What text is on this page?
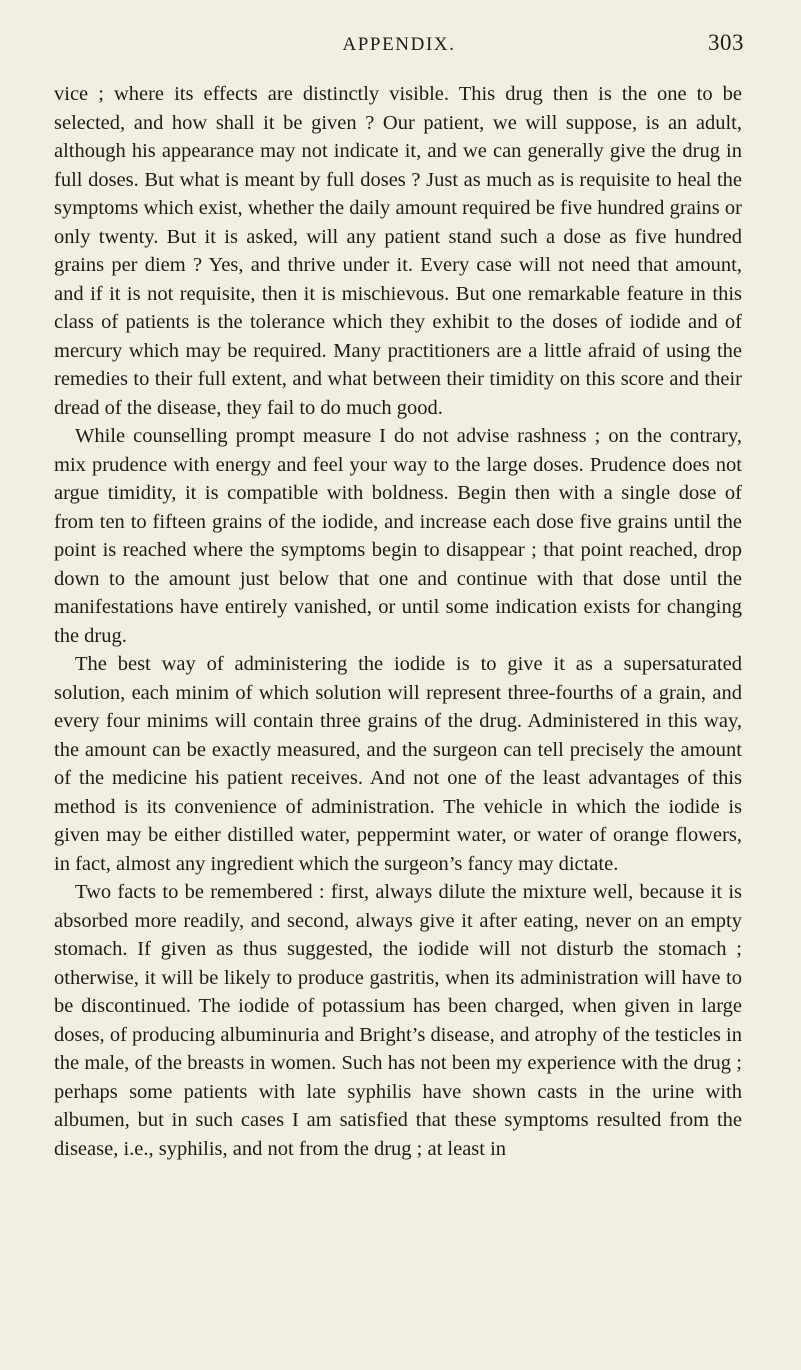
APPENDIX.	303

vice ; where its effects are distinctly visible. This drug then is the one to be selected, and how shall it be given ? Our patient, we will suppose, is an adult, although his appearance may not indicate it, and we can generally give the drug in full doses. But what is meant by full doses ? Just as much as is requisite to heal the symptoms which exist, whether the daily amount required be five hundred grains or only twenty. But it is asked, will any patient stand such a dose as five hundred grains per diem ? Yes, and thrive under it. Every case will not need that amount, and if it is not requisite, then it is mischievous. But one remarkable feature in this class of patients is the tolerance which they exhibit to the doses of iodide and of mercury which may be required. Many practitioners are a little afraid of using the remedies to their full extent, and what between their timidity on this score and their dread of the disease, they fail to do much good.

While counselling prompt measure I do not advise rashness ; on the contrary, mix prudence with energy and feel your way to the large doses. Prudence does not argue timidity, it is compatible with boldness. Begin then with a single dose of from ten to fifteen grains of the iodide, and increase each dose five grains until the point is reached where the symptoms begin to disappear ; that point reached, drop down to the amount just below that one and continue with that dose until the manifestations have entirely vanished, or until some indication exists for changing the drug.

The best way of administering the iodide is to give it as a supersaturated solution, each minim of which solution will represent three-fourths of a grain, and every four minims will contain three grains of the drug. Administered in this way, the amount can be exactly measured, and the surgeon can tell precisely the amount of the medicine his patient receives. And not one of the least advantages of this method is its convenience of administration. The vehicle in which the iodide is given may be either distilled water, peppermint water, or water of orange flowers, in fact, almost any ingredient which the surgeon’s fancy may dictate.

Two facts to be remembered : first, always dilute the mixture well, because it is absorbed more readily, and second, always give it after eating, never on an empty stomach. If given as thus suggested, the iodide will not disturb the stomach ; otherwise, it will be likely to produce gastritis, when its administration will have to be discontinued. The iodide of potassium has been charged, when given in large doses, of producing albuminuria and Bright’s disease, and atrophy of the testicles in the male, of the breasts in women. Such has not been my experience with the drug ; perhaps some patients with late syphilis have shown casts in the urine with albumen, but in such cases I am satisfied that these symptoms resulted from the disease, i.e., syphilis, and not from the drug ; at least in
